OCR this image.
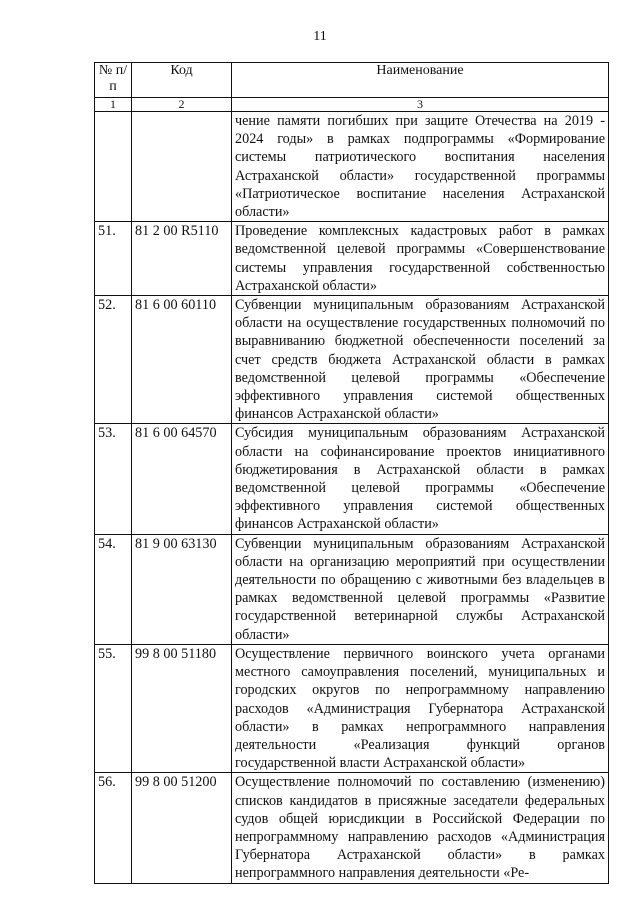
11
№ п/п	Код	Наименование
1	2	3
		чение памяти погибших при защите Отечества на 2019 - 2024 годы» в рамках подпрограммы «Формирование системы патриотического воспитания населения Астраханской области» государственной программы «Патриотическое воспитание населения Астраханской области»
51.	81 2 00 R5110	Проведение комплексных кадастровых работ в рамках ведомственной целевой программы «Совершенствование системы управления государственной собственностью Астраханской области»
52.	81 6 00 60110	Субвенции муниципальным образованиям Астраханской области на осуществление государственных полномочий по выравниванию бюджетной обеспеченности поселений за счет средств бюджета Астраханской области в рамках ведомственной целевой программы «Обеспечение эффективного управления системой общественных финансов Астраханской области»
53.	81 6 00 64570	Субсидия муниципальным образованиям Астраханской области на софинансирование проектов инициативного бюджетирования в Астраханской области в рамках ведомственной целевой программы «Обеспечение эффективного управления системой общественных финансов Астраханской области»
54.	81 9 00 63130	Субвенции муниципальным образованиям Астраханской области на организацию мероприятий при осуществлении деятельности по обращению с животными без владельцев в рамках ведомственной целевой программы «Развитие государственной ветеринарной службы Астраханской области»
55.	99 8 00 51180	Осуществление первичного воинского учета органами местного самоуправления поселений, муниципальных и городских округов по непрограммному направлению расходов «Администрация Губернатора Астраханской области» в рамках непрограммного направления деятельности «Реализация функций органов государственной власти Астраханской области»
56.	99 8 00 51200	Осуществление полномочий по составлению (изменению) списков кандидатов в присяжные заседатели федеральных судов общей юрисдикции в Российской Федерации по непрограммному направлению расходов «Администрация Губернатора Астраханской области» в рамках непрограммного направления деятельности «Ре-
